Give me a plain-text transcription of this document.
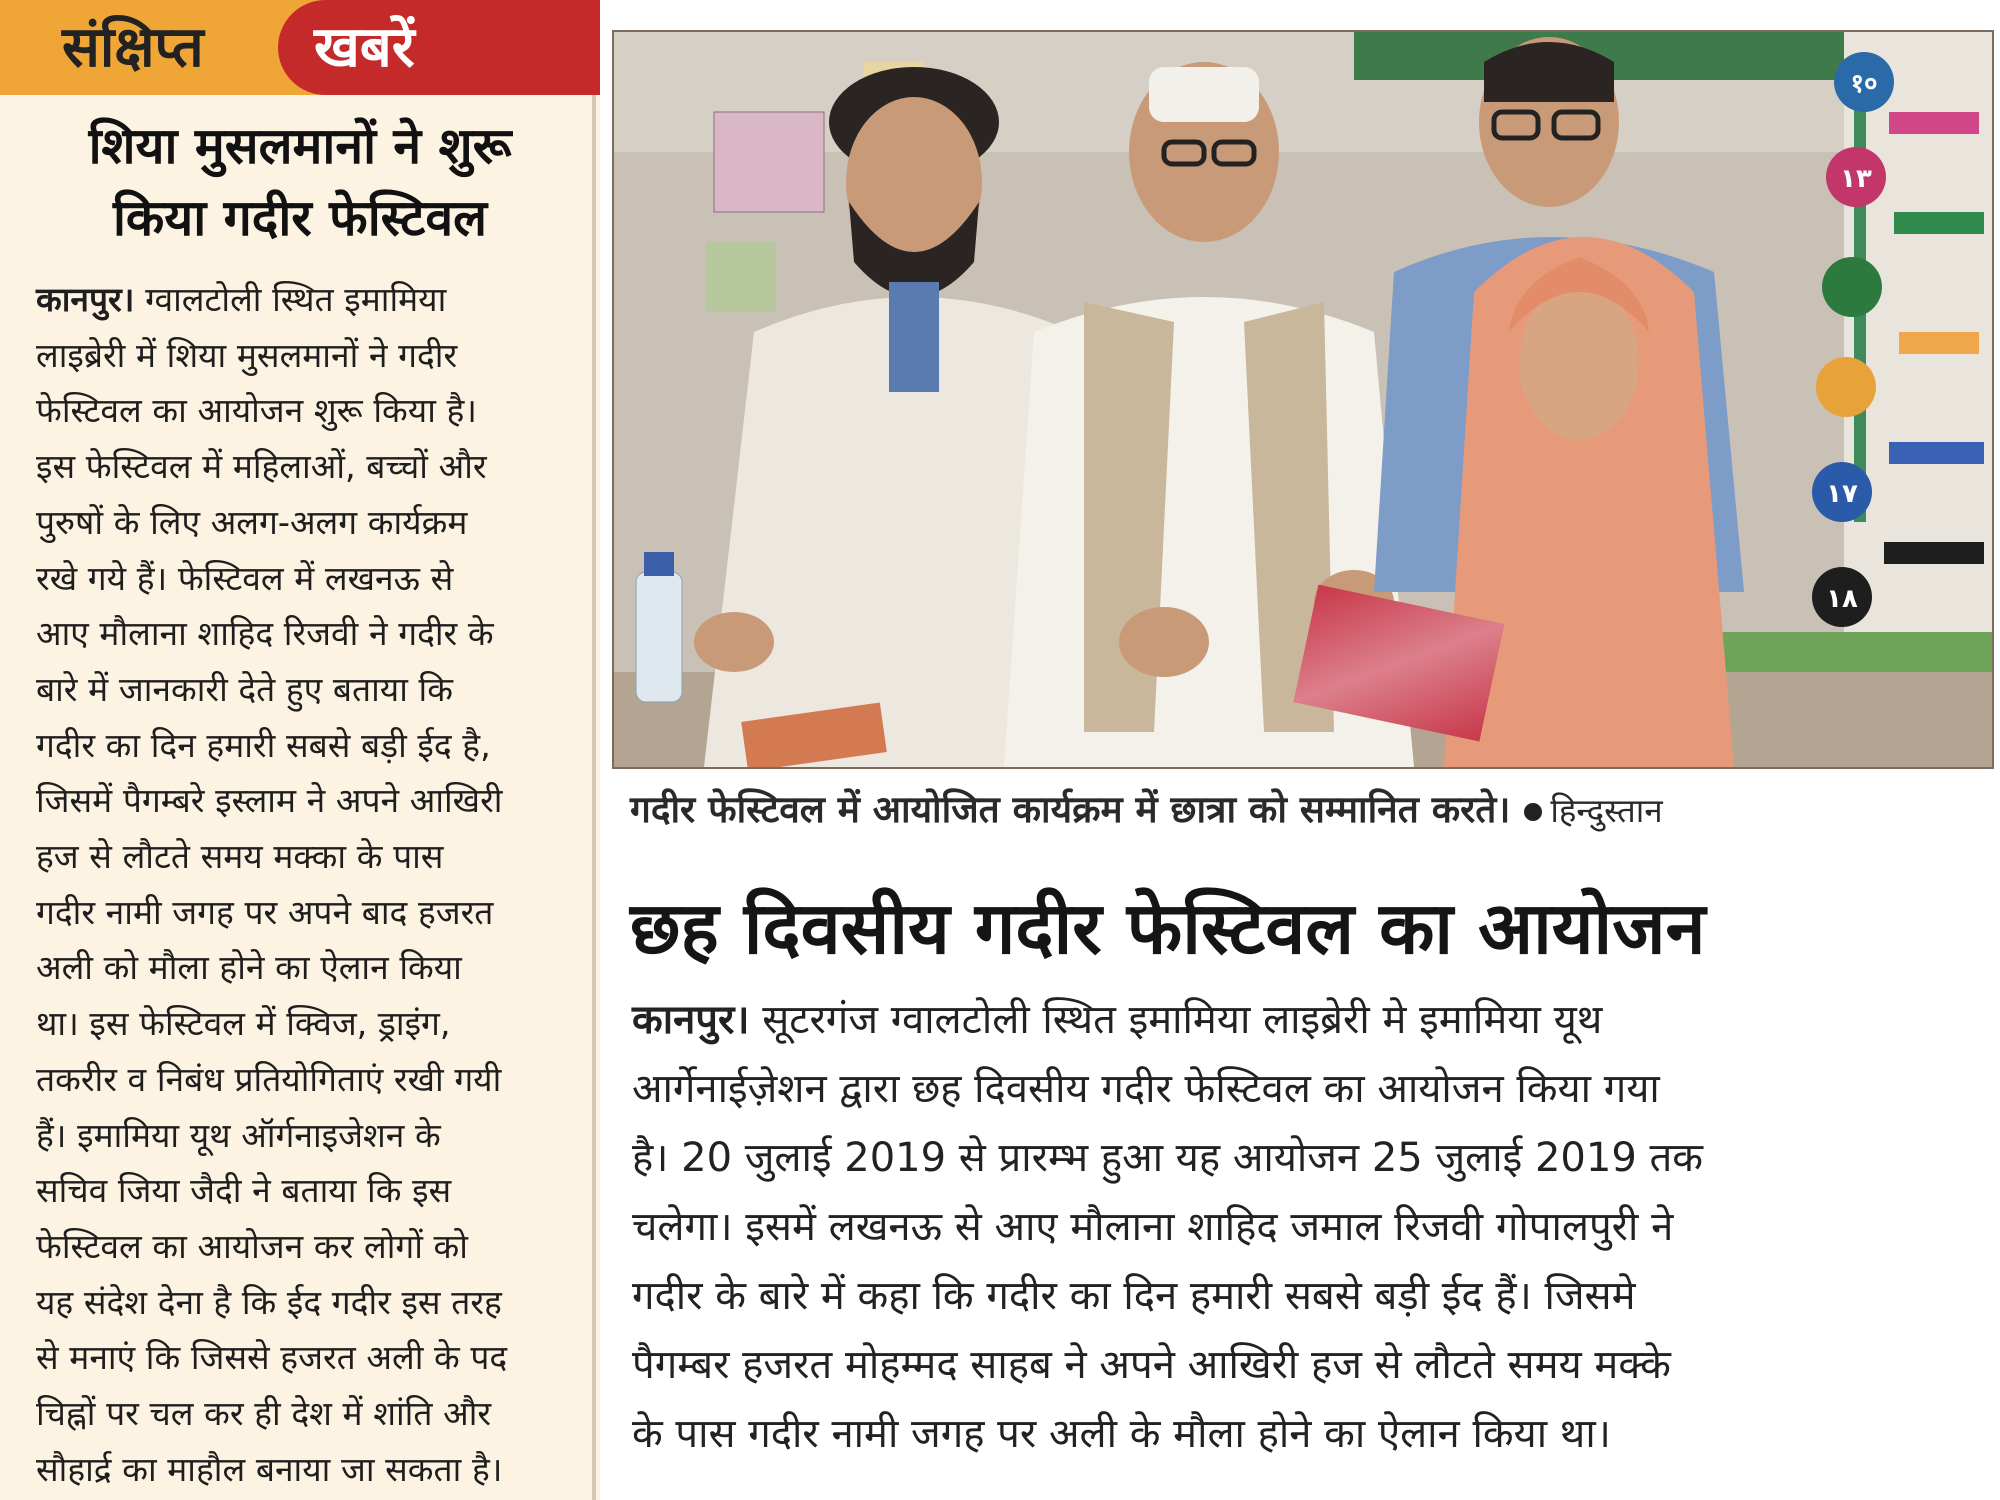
संक्षिप्त खबरें
शिया मुसलमानों ने शुरू
किया गदीर फेस्टिवल
कानपुर। ग्वालटोली स्थित इमामिया
लाइब्रेरी में शिया मुसलमानों ने गदीर
फेस्टिवल का आयोजन शुरू किया है।
इस फेस्टिवल में महिलाओं, बच्चों और
पुरुषों के लिए अलग-अलग कार्यक्रम
रखे गये हैं। फेस्टिवल में लखनऊ से
आए मौलाना शाहिद रिजवी ने गदीर के
बारे में जानकारी देते हुए बताया कि
गदीर का दिन हमारी सबसे बड़ी ईद है,
जिसमें पैगम्बरे इस्लाम ने अपने आखिरी
हज से लौटते समय मक्का के पास
गदीर नामी जगह पर अपने बाद हजरत
अली को मौला होने का ऐलान किया
था। इस फेस्टिवल में क्विज, ड्राइंग,
तकरीर व निबंध प्रतियोगिताएं रखी गयी
हैं। इमामिया यूथ ऑर्गनाइजेशन के
सचिव जिया जैदी ने बताया कि इस
फेस्टिवल का आयोजन कर लोगों को
यह संदेश देना है कि ईद गदीर इस तरह
से मनाएं कि जिससे हजरत अली के पद
चिह्नों पर चल कर ही देश में शांति और
सौहार्द्र का माहौल बनाया जा सकता है।
१०
١٣
١٧
١٨
गदीर फेस्टिवल में आयोजित कार्यक्रम में छात्रा को सम्मानित करते। हिन्दुस्तान
छह दिवसीय गदीर फेस्टिवल का आयोजन
कानपुर। सूटरगंज ग्वालटोली स्थित इमामिया लाइब्रेरी मे इमामिया यूथ
आर्गेनाईज़ेशन द्वारा छह दिवसीय गदीर फेस्टिवल का आयोजन किया गया
है। 20 जुलाई 2019 से प्रारम्भ हुआ यह आयोजन 25 जुलाई 2019 तक
चलेगा। इसमें लखनऊ से आए मौलाना शाहिद जमाल रिजवी गोपालपुरी ने
गदीर के बारे में कहा कि गदीर का दिन हमारी सबसे बड़ी ईद हैं। जिसमे
पैगम्बर हजरत मोहम्मद साहब ने अपने आखिरी हज से लौटते समय मक्के
के पास गदीर नामी जगह पर अली के मौला होने का ऐलान किया था।
